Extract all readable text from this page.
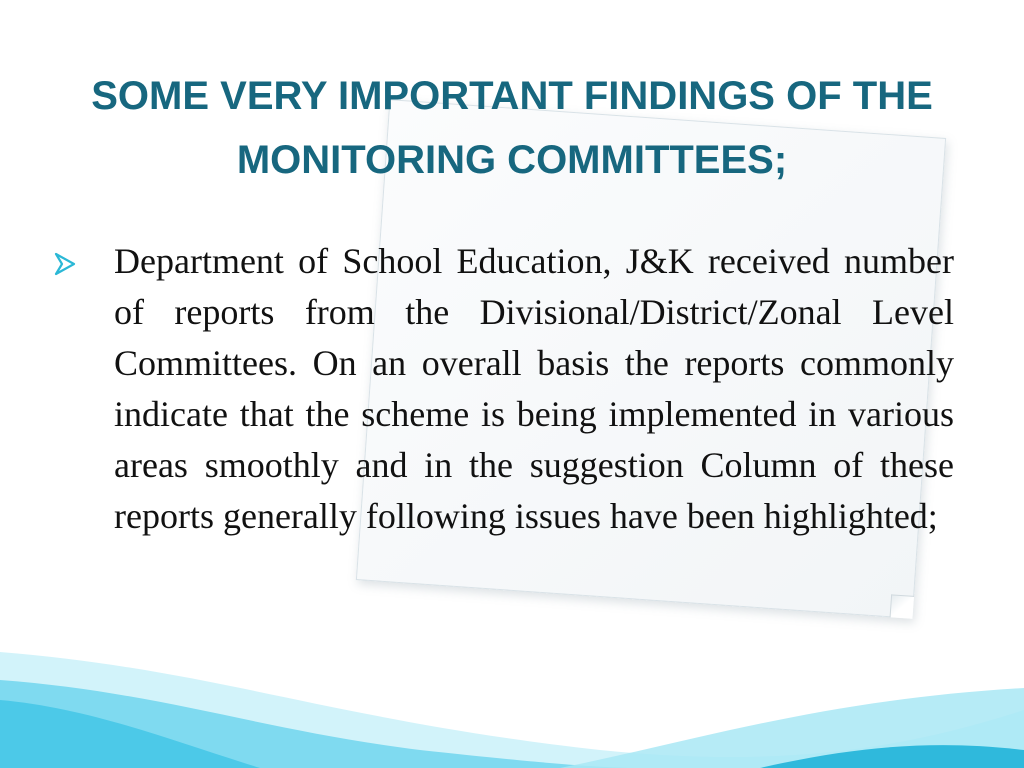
SOME VERY IMPORTANT FINDINGS OF THE MONITORING COMMITTEES;

Department of School Education, J&K received number of reports from the Divisional/District/Zonal Level Committees. On an overall basis the reports commonly indicate that the scheme is being implemented in various areas smoothly and in the suggestion Column of these reports generally following issues have been highlighted;
